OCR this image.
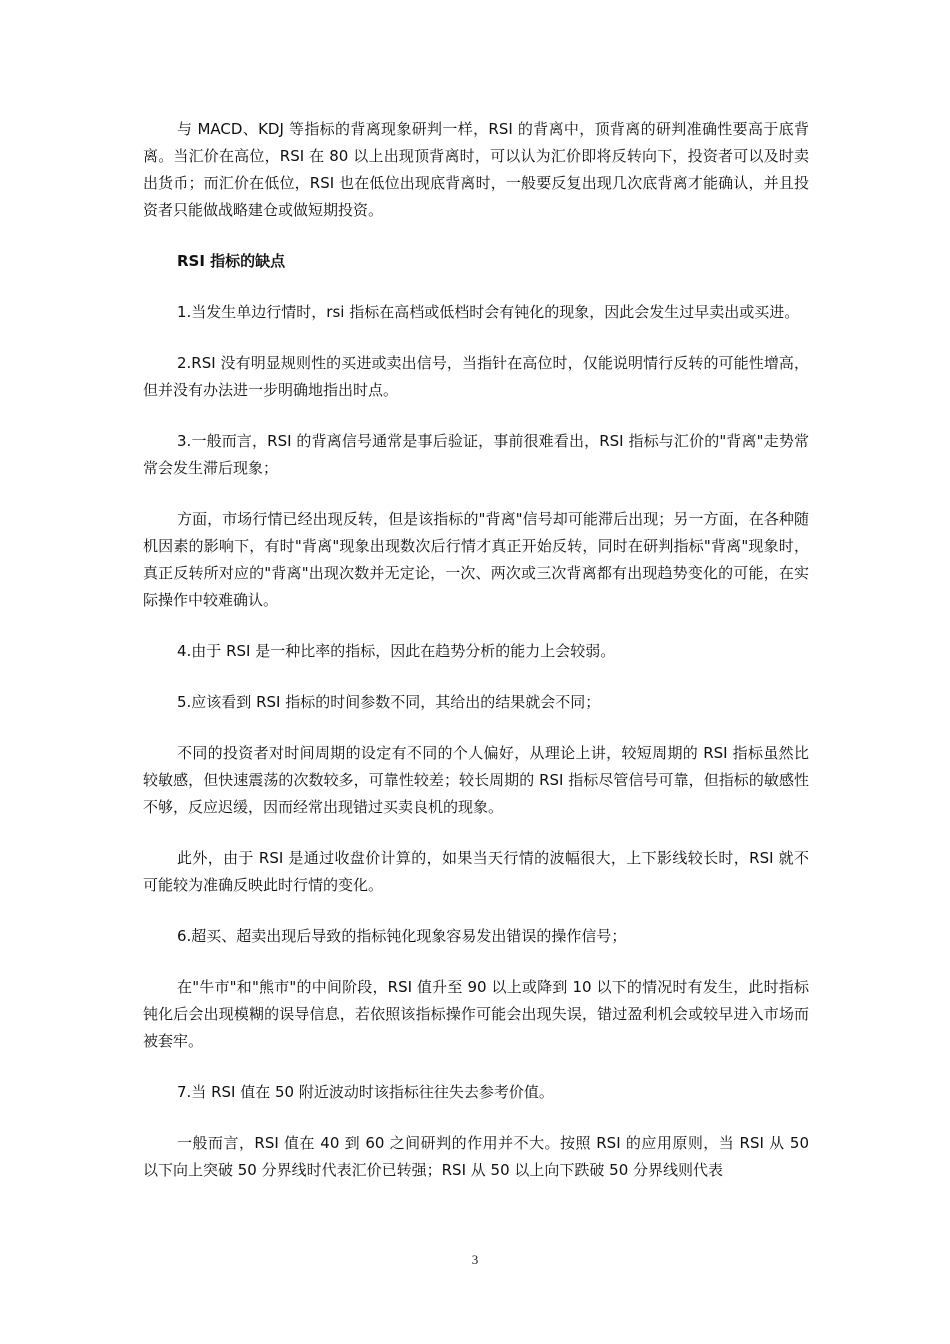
与 MACD、KDJ 等指标的背离现象研判一样，RSI 的背离中，顶背离的研判准确性要高于底背离。当汇价在高位，RSI 在 80 以上出现顶背离时，可以认为汇价即将反转向下，投资者可以及时卖出货币；而汇价在低位，RSI 也在低位出现底背离时，一般要反复出现几次底背离才能确认，并且投资者只能做战略建仓或做短期投资。

RSI 指标的缺点

1.当发生单边行情时，rsi 指标在高档或低档时会有钝化的现象，因此会发生过早卖出或买进。

2.RSI 没有明显规则性的买进或卖出信号，当指针在高位时，仅能说明情行反转的可能性增高，但并没有办法进一步明确地指出时点。

3.一般而言，RSI 的背离信号通常是事后验证，事前很难看出，RSI 指标与汇价的"背离"走势常常会发生滞后现象；

方面，市场行情已经出现反转，但是该指标的"背离"信号却可能滞后出现；另一方面，在各种随机因素的影响下，有时"背离"现象出现数次后行情才真正开始反转，同时在研判指标"背离"现象时，真正反转所对应的"背离"出现次数并无定论，一次、两次或三次背离都有出现趋势变化的可能，在实际操作中较难确认。

4.由于 RSI 是一种比率的指标，因此在趋势分析的能力上会较弱。

5.应该看到 RSI 指标的时间参数不同，其给出的结果就会不同；

不同的投资者对时间周期的设定有不同的个人偏好，从理论上讲，较短周期的 RSI 指标虽然比较敏感，但快速震荡的次数较多，可靠性较差；较长周期的 RSI 指标尽管信号可靠，但指标的敏感性不够，反应迟缓，因而经常出现错过买卖良机的现象。

此外，由于 RSI 是通过收盘价计算的，如果当天行情的波幅很大，上下影线较长时，RSI 就不可能较为准确反映此时行情的变化。

6.超买、超卖出现后导致的指标钝化现象容易发出错误的操作信号；

在"牛市"和"熊市"的中间阶段，RSI 值升至 90 以上或降到 10 以下的情况时有发生，此时指标钝化后会出现模糊的误导信息，若依照该指标操作可能会出现失误，错过盈利机会或较早进入市场而被套牢。

7.当 RSI 值在 50 附近波动时该指标往往失去参考价值。

一般而言，RSI 值在 40 到 60 之间研判的作用并不大。按照 RSI 的应用原则，当 RSI 从 50 以下向上突破 50 分界线时代表汇价已转强；RSI 从 50 以上向下跌破 50 分界线则代表

3
